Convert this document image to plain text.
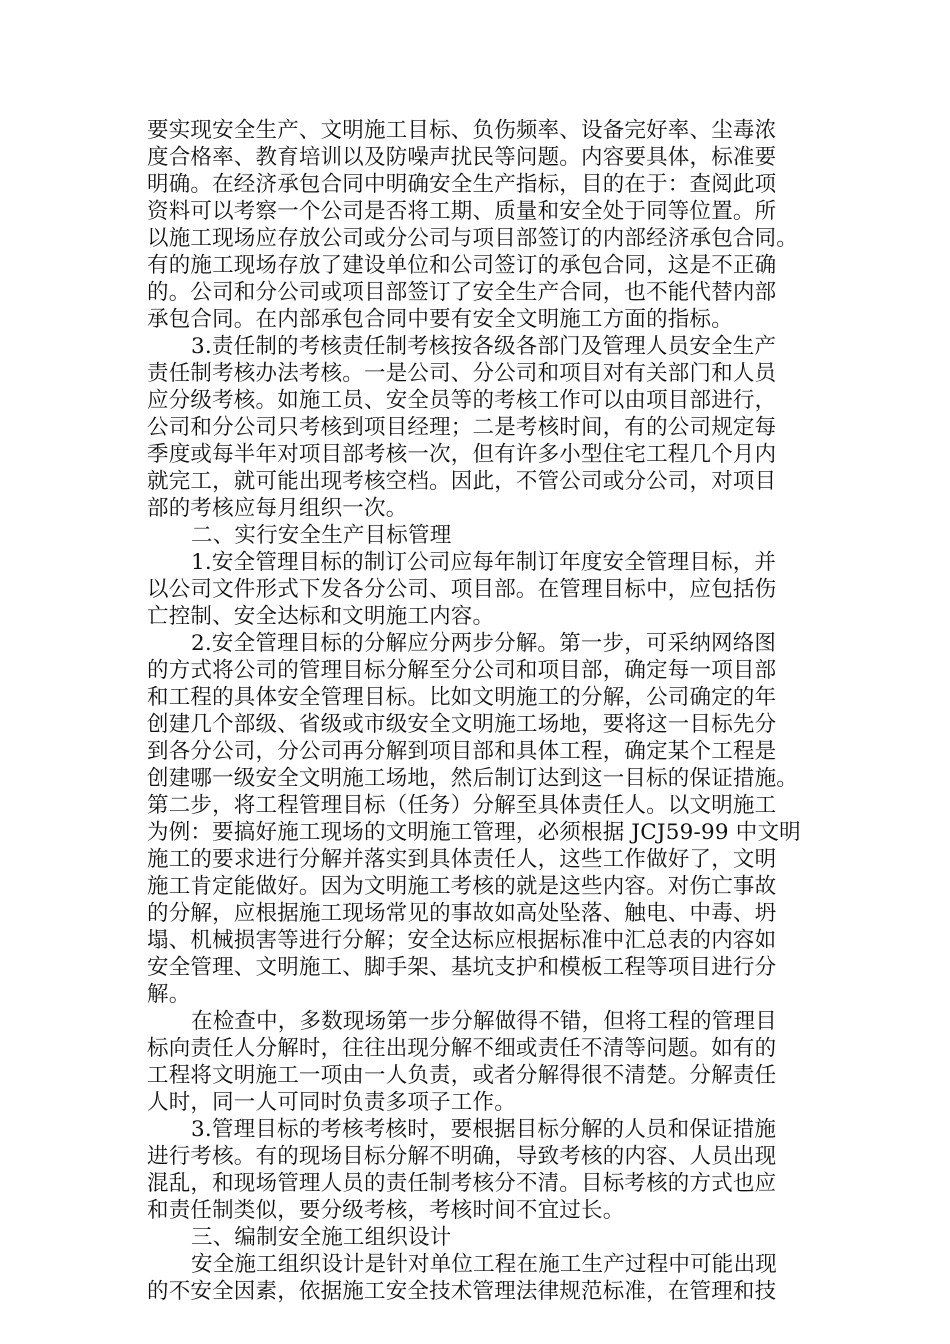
要实现安全生产、文明施工目标、负伤频率、设备完好率、尘毒浓
度合格率、教育培训以及防噪声扰民等问题。内容要具体，标准要
明确。在经济承包合同中明确安全生产指标，目的在于：查阅此项
资料可以考察一个公司是否将工期、质量和安全处于同等位置。所
以施工现场应存放公司或分公司与项目部签订的内部经济承包合同。
有的施工现场存放了建设单位和公司签订的承包合同，这是不正确
的。公司和分公司或项目部签订了安全生产合同，也不能代替内部
承包合同。在内部承包合同中要有安全文明施工方面的指标。
3.责任制的考核责任制考核按各级各部门及管理人员安全生产
责任制考核办法考核。一是公司、分公司和项目对有关部门和人员
应分级考核。如施工员、安全员等的考核工作可以由项目部进行，
公司和分公司只考核到项目经理；二是考核时间，有的公司规定每
季度或每半年对项目部考核一次，但有许多小型住宅工程几个月内
就完工，就可能出现考核空档。因此，不管公司或分公司，对项目
部的考核应每月组织一次。
二、实行安全生产目标管理
1.安全管理目标的制订公司应每年制订年度安全管理目标，并
以公司文件形式下发各分公司、项目部。在管理目标中，应包括伤
亡控制、安全达标和文明施工内容。
2.安全管理目标的分解应分两步分解。第一步，可采纳网络图
的方式将公司的管理目标分解至分公司和项目部，确定每一项目部
和工程的具体安全管理目标。比如文明施工的分解，公司确定的年
创建几个部级、省级或市级安全文明施工场地，要将这一目标先分
到各分公司，分公司再分解到项目部和具体工程，确定某个工程是
创建哪一级安全文明施工场地，然后制订达到这一目标的保证措施。
第二步，将工程管理目标（任务）分解至具体责任人。以文明施工
为例：要搞好施工现场的文明施工管理，必须根据 JCJ59-99 中文明
施工的要求进行分解并落实到具体责任人，这些工作做好了，文明
施工肯定能做好。因为文明施工考核的就是这些内容。对伤亡事故
的分解，应根据施工现场常见的事故如高处坠落、触电、中毒、坍
塌、机械损害等进行分解；安全达标应根据标准中汇总表的内容如
安全管理、文明施工、脚手架、基坑支护和模板工程等项目进行分
解。
在检查中，多数现场第一步分解做得不错，但将工程的管理目
标向责任人分解时，往往出现分解不细或责任不清等问题。如有的
工程将文明施工一项由一人负责，或者分解得很不清楚。分解责任
人时，同一人可同时负责多项子工作。
3.管理目标的考核考核时，要根据目标分解的人员和保证措施
进行考核。有的现场目标分解不明确，导致考核的内容、人员出现
混乱，和现场管理人员的责任制考核分不清。目标考核的方式也应
和责任制类似，要分级考核，考核时间不宜过长。
三、编制安全施工组织设计
安全施工组织设计是针对单位工程在施工生产过程中可能出现
的不安全因素，依据施工安全技术管理法律规范标准，在管理和技
